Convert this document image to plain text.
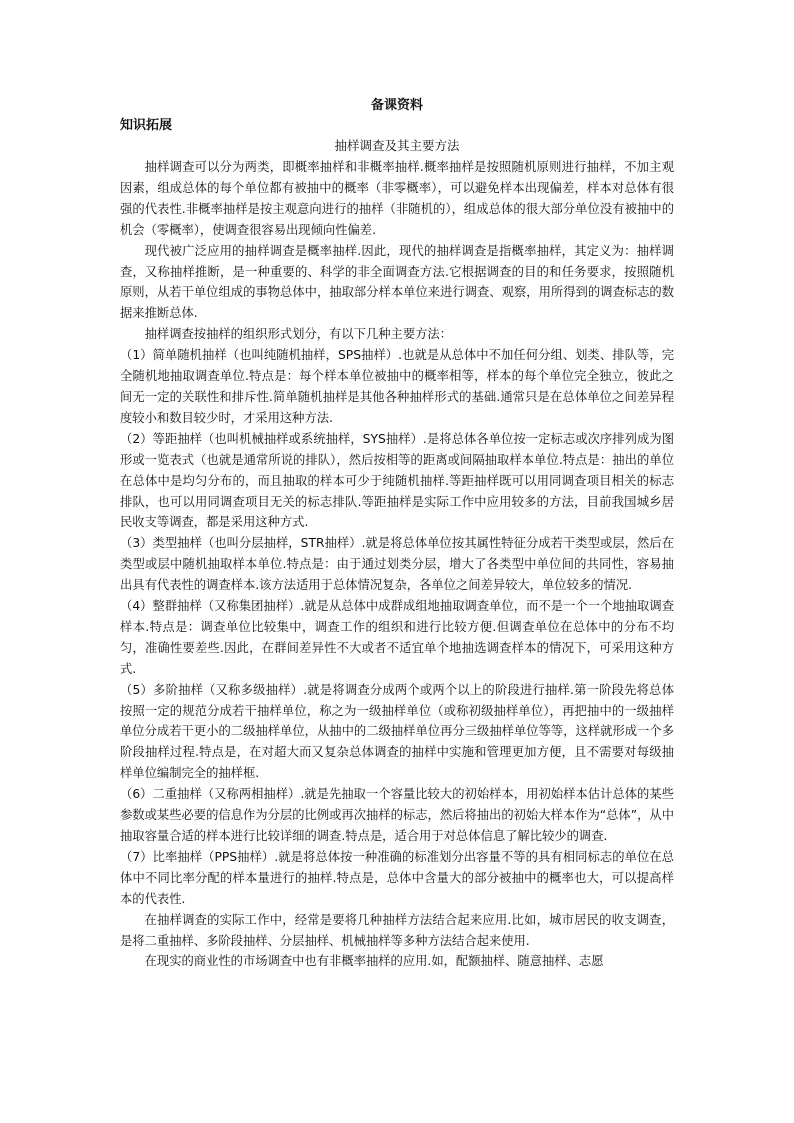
备课资料
知识拓展
抽样调查及其主要方法

抽样调查可以分为两类，即概率抽样和非概率抽样.概率抽样是按照随机原则进行抽样，不加主观因素，组成总体的每个单位都有被抽中的概率（非零概率），可以避免样本出现偏差，样本对总体有很强的代表性.非概率抽样是按主观意向进行的抽样（非随机的），组成总体的很大部分单位没有被抽中的机会（零概率），使调查很容易出现倾向性偏差.

现代被广泛应用的抽样调查是概率抽样.因此，现代的抽样调查是指概率抽样，其定义为：抽样调查，又称抽样推断，是一种重要的、科学的非全面调查方法.它根据调查的目的和任务要求，按照随机原则，从若干单位组成的事物总体中，抽取部分样本单位来进行调查、观察，用所得到的调查标志的数据来推断总体.

抽样调查按抽样的组织形式划分，有以下几种主要方法：

（1）简单随机抽样（也叫纯随机抽样，SPS抽样）.也就是从总体中不加任何分组、划类、排队等，完全随机地抽取调查单位.特点是：每个样本单位被抽中的概率相等，样本的每个单位完全独立，彼此之间无一定的关联性和排斥性.简单随机抽样是其他各种抽样形式的基础.通常只是在总体单位之间差异程度较小和数目较少时，才采用这种方法.

（2）等距抽样（也叫机械抽样或系统抽样，SYS抽样）.是将总体各单位按一定标志或次序排列成为图形或一览表式（也就是通常所说的排队），然后按相等的距离或间隔抽取样本单位.特点是：抽出的单位在总体中是均匀分布的，而且抽取的样本可少于纯随机抽样.等距抽样既可以用同调查项目相关的标志排队，也可以用同调查项目无关的标志排队.等距抽样是实际工作中应用较多的方法，目前我国城乡居民收支等调查，都是采用这种方式.

（3）类型抽样（也叫分层抽样，STR抽样）.就是将总体单位按其属性特征分成若干类型或层，然后在类型或层中随机抽取样本单位.特点是：由于通过划类分层，增大了各类型中单位间的共同性，容易抽出具有代表性的调查样本.该方法适用于总体情况复杂，各单位之间差异较大，单位较多的情况.

（4）整群抽样（又称集团抽样）.就是从总体中成群成组地抽取调查单位，而不是一个一个地抽取调查样本.特点是：调查单位比较集中，调查工作的组织和进行比较方便.但调查单位在总体中的分布不均匀，准确性要差些.因此，在群间差异性不大或者不适宜单个地抽选调查样本的情况下，可采用这种方式.

（5）多阶抽样（又称多级抽样）.就是将调查分成两个或两个以上的阶段进行抽样.第一阶段先将总体按照一定的规范分成若干抽样单位，称之为一级抽样单位（或称初级抽样单位），再把抽中的一级抽样单位分成若干更小的二级抽样单位，从抽中的二级抽样单位再分三级抽样单位等等，这样就形成一个多阶段抽样过程.特点是，在对超大而又复杂总体调查的抽样中实施和管理更加方便，且不需要对每级抽样单位编制完全的抽样框.

（6）二重抽样（又称两相抽样）.就是先抽取一个容量比较大的初始样本，用初始样本估计总体的某些参数或某些必要的信息作为分层的比例或再次抽样的标志，然后将抽出的初始大样本作为“总体”，从中抽取容量合适的样本进行比较详细的调查.特点是，适合用于对总体信息了解比较少的调查.

（7）比率抽样（PPS抽样）.就是将总体按一种准确的标准划分出容量不等的具有相同标志的单位在总体中不同比率分配的样本量进行的抽样.特点是，总体中含量大的部分被抽中的概率也大，可以提高样本的代表性.

在抽样调查的实际工作中，经常是要将几种抽样方法结合起来应用.比如，城市居民的收支调查，是将二重抽样、多阶段抽样、分层抽样、机械抽样等多种方法结合起来使用.

在现实的商业性的市场调查中也有非概率抽样的应用.如，配额抽样、随意抽样、志愿
